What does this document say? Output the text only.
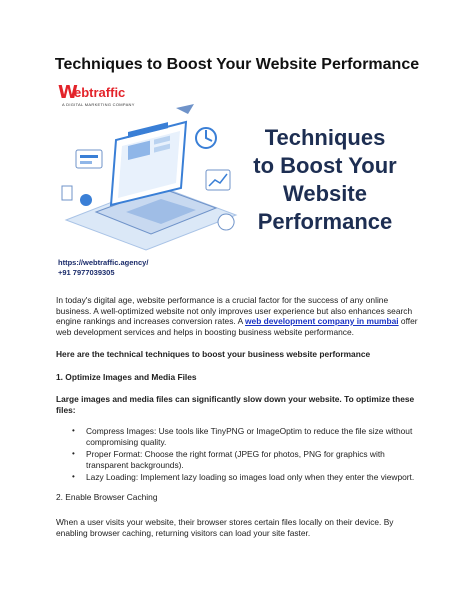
Techniques to Boost Your Website Performance
W
ebtraffic
A DIGITAL MARKETING COMPANY
Techniques
to Boost Your
Website
Performance
https://webtraffic.agency/
+91 7977039305

In today's digital age, website performance is a crucial factor for the success of any online business. A well-optimized website not only improves user experience but also enhances search engine rankings and increases conversion rates. A web development company in mumbai offer web development services and helps in boosting business website performance.

Here are the technical techniques to boost your business website performance

1. Optimize Images and Media Files

Large images and media files can significantly slow down your website. To optimize these files:

• Compress Images: Use tools like TinyPNG or ImageOptim to reduce the file size without compromising quality.
• Proper Format: Choose the right format (JPEG for photos, PNG for graphics with transparent backgrounds).
• Lazy Loading: Implement lazy loading so images load only when they enter the viewport.

2. Enable Browser Caching

When a user visits your website, their browser stores certain files locally on their device. By enabling browser caching, returning visitors can load your site faster.
